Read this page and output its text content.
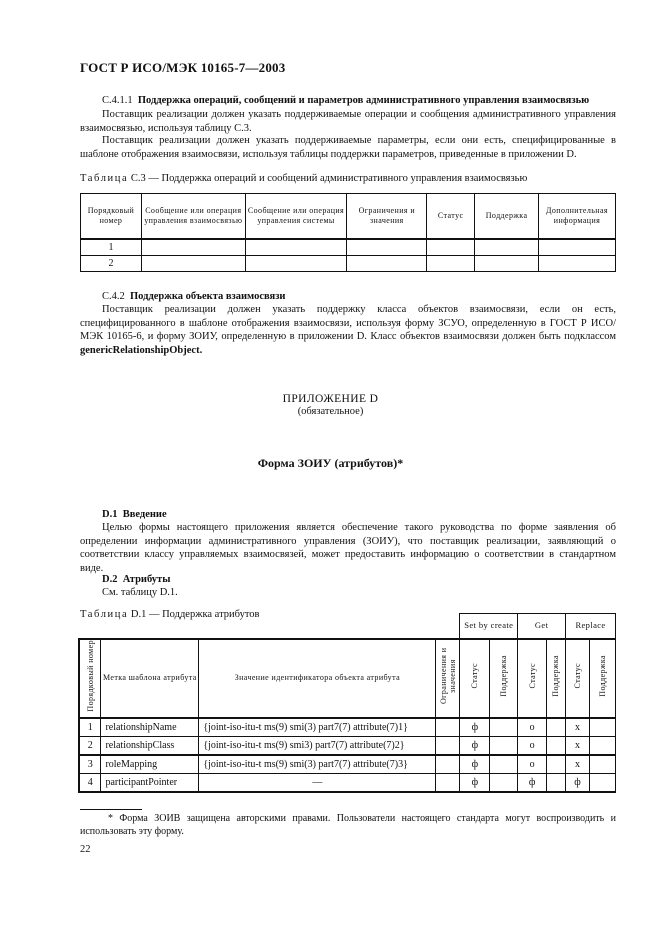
ГОСТ Р ИСО/МЭК 10165-7—2003
C.4.1.1 Поддержка операций, сообщений и параметров административного управления взаимосвязью
Поставщик реализации должен указать поддерживаемые операции и сообщения административного управления взаимосвязью, используя таблицу С.3.
Поставщик реализации должен указать поддерживаемые параметры, если они есть, специфицированные в шаблоне отображения взаимосвязи, используя таблицы поддержки параметров, приведенные в приложении D.
Таблица С.3 — Поддержка операций и сообщений административного управления взаимосвязью
Порядковый номер	Сообщение или операция управления взаимосвязью	Сообщение или операция управления системы	Ограничения и значения	Статус	Поддержка	Дополнительная информация
1						
2						
C.4.2 Поддержка объекта взаимосвязи
Поставщик реализации должен указать поддержку класса объектов взаимосвязи, если он есть, специфицированного в шаблоне отображения взаимосвязи, используя форму ЗСУО, определенную в ГОСТ Р ИСО/МЭК 10165-6, и форму ЗОИУ, определенную в приложении D. Класс объектов взаимосвязи должен быть подклассом genericRelationshipObject.
ПРИЛОЖЕНИЕ D
(обязательное)
Форма ЗОИУ (атрибутов)*
D.1 Введение
Целью формы настоящего приложения является обеспечение такого руководства по форме заявления об определении информации административного управления (ЗОИУ), что поставщик реализации, заявляющий о соответствии классу управляемых взаимосвязей, может предоставить информацию о соответствии в стандартном виде.
D.2 Атрибуты
См. таблицу D.1.
Таблица D.1 — Поддержка атрибутов
				Set by create		Get		Replace	
Порядковый номер	Метка шаблона атрибута	Значение идентификатора объекта атрибута	Ограничения и значения	Статус	Поддержка	Статус	Поддержка	Статус	Поддержка
1	relationshipName	{joint-iso-itu-t ms(9) smi(3) part7(7) attribute(7)1}		ф		о		х	
2	relationshipClass	{joint-iso-itu-t ms(9) smi3) part7(7) attribute(7)2}		ф		о		х	
3	roleMapping	{joint-iso-itu-t ms(9) smi(3) part7(7) attribute(7)3}		ф		о		х	
4	participantPointer	—		ф		ф		ф	
* Форма ЗОИВ защищена авторскими правами. Пользователи настоящего стандарта могут воспроизводить и использовать эту форму.
22
